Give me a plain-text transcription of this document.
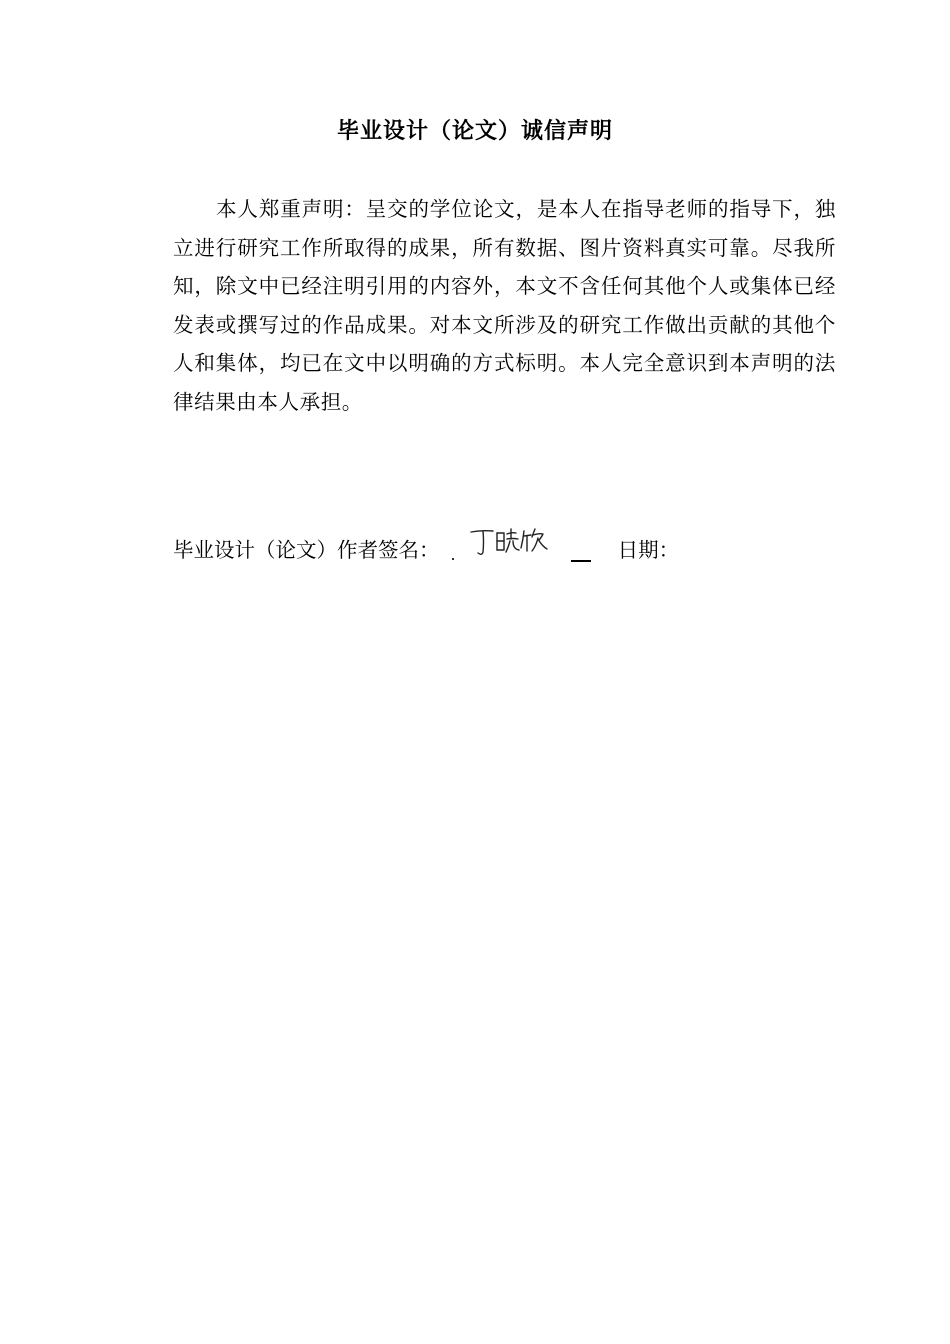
毕业设计（论文）诚信声明

本人郑重声明：呈交的学位论文，是本人在指导老师的指导下，独立进行研究工作所取得的成果，所有数据、图片资料真实可靠。尽我所知，除文中已经注明引用的内容外，本文不含任何其他个人或集体已经发表或撰写过的作品成果。对本文所涉及的研究工作做出贡献的其他个人和集体，均已在文中以明确的方式标明。本人完全意识到本声明的法律结果由本人承担。

毕业设计（论文）作者签名：	日期：
